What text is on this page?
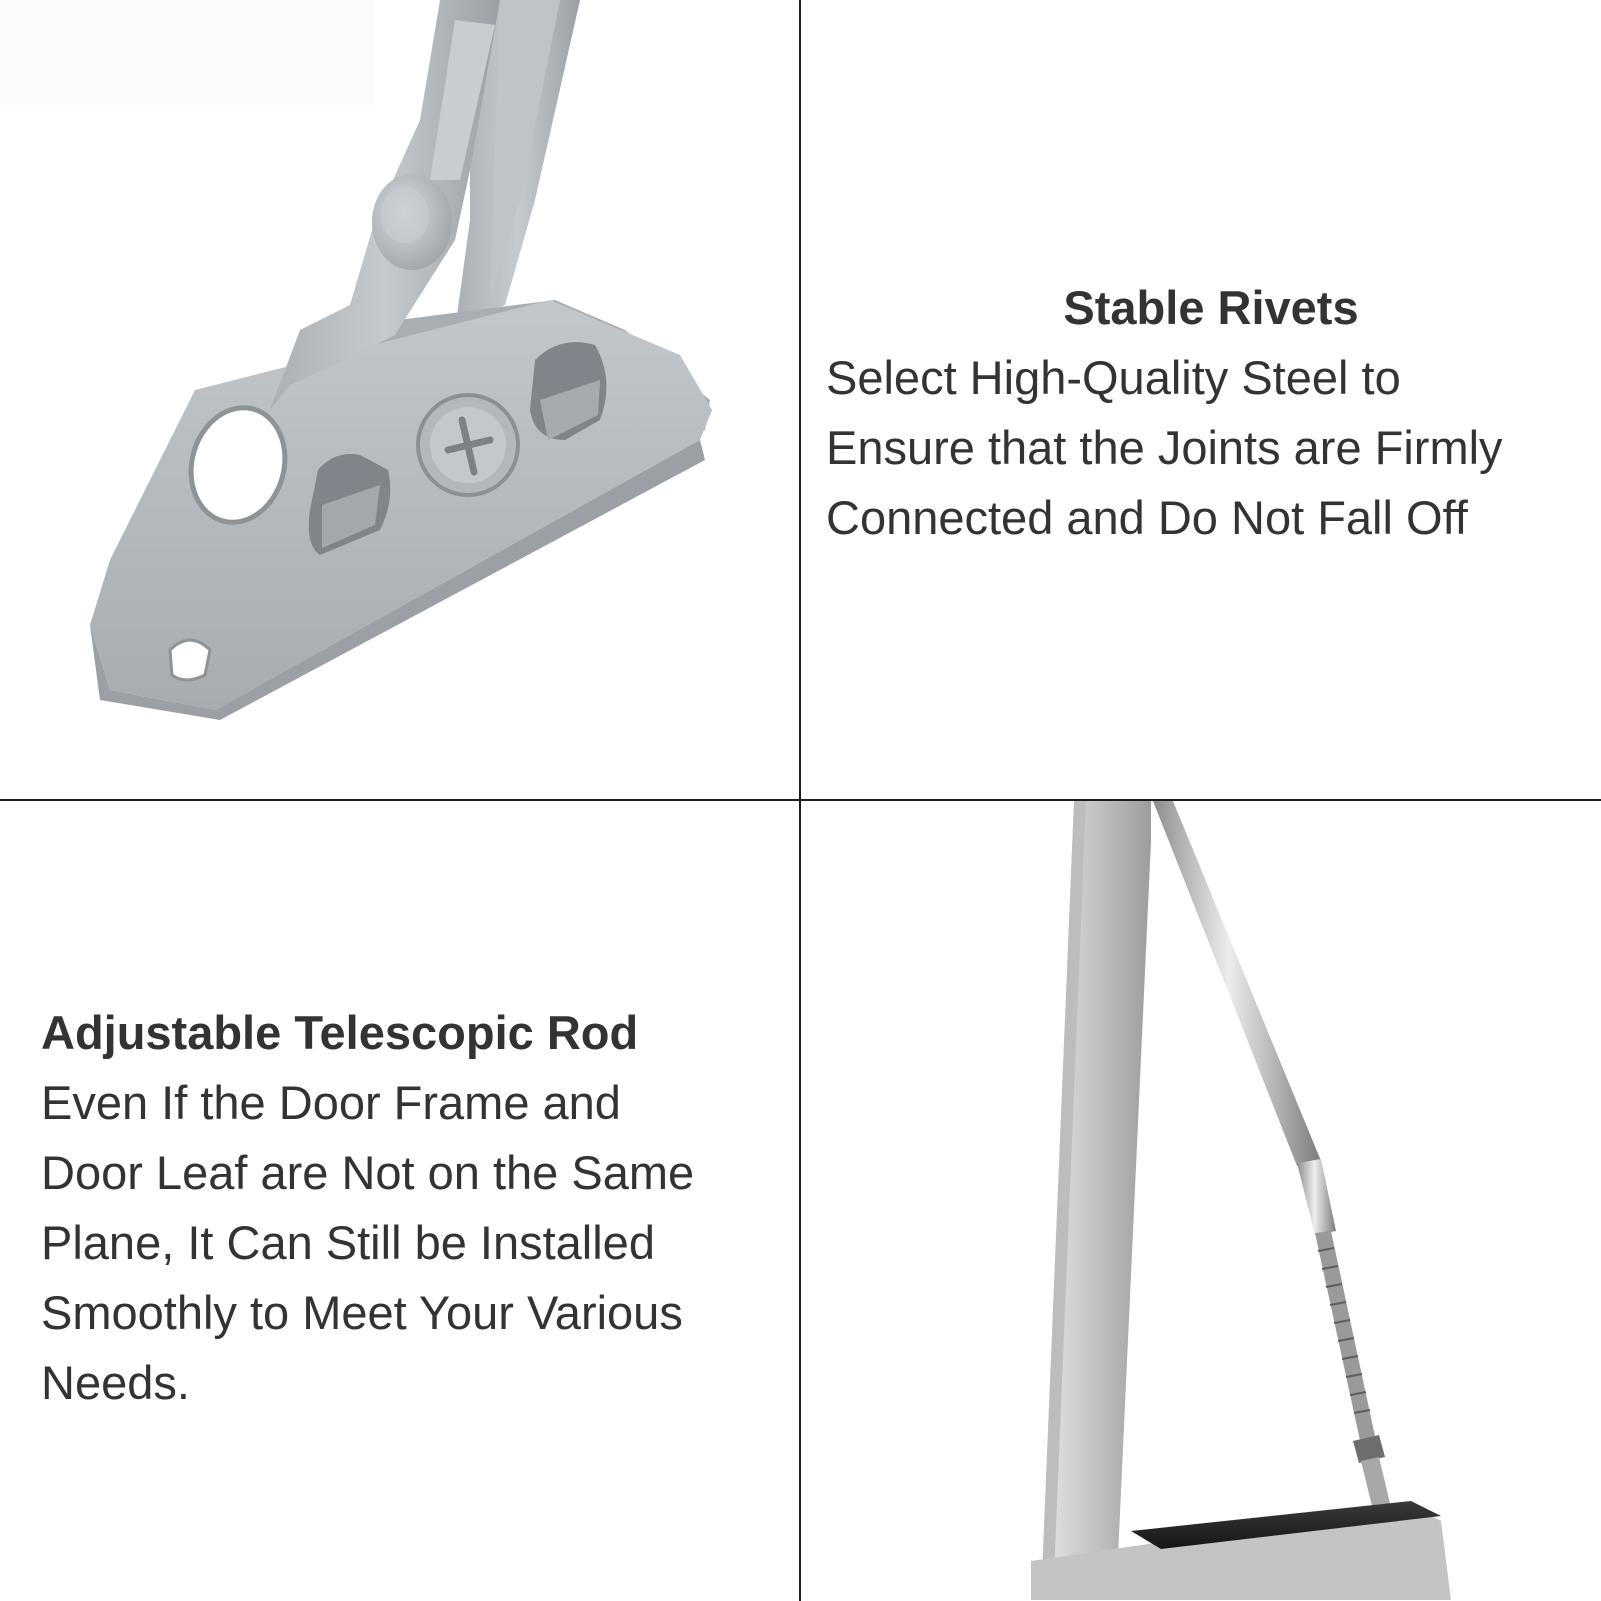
Stable Rivets

Select High-Quality Steel to

Ensure that the Joints are Firmly

Connected and Do Not Fall Off

Adjustable Telescopic Rod

Even If the Door Frame and

Door Leaf are Not on the Same

Plane, It Can Still be Installed

Smoothly to Meet Your Various

Needs.
